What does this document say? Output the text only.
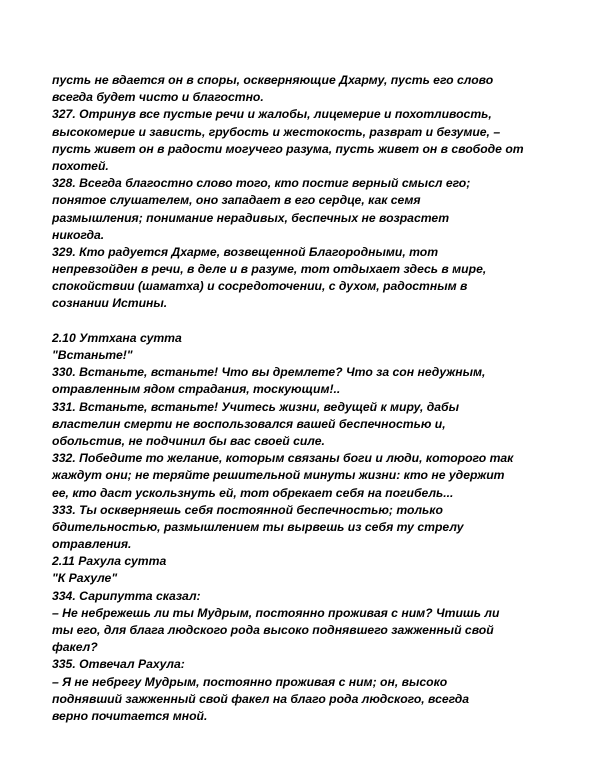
пусть не вдается он в споры, оскверняющие Дхарму, пусть его слово
всегда будет чисто и благостно.
327. Отринув все пустые речи и жалобы, лицемерие и похотливость,
высокомерие и зависть, грубость и жестокость, разврат и безумие, –
пусть живет он в радости могучего разума, пусть живет он в свободе от
похотей.
328. Всегда благостно слово того, кто постиг верный смысл его;
понятое слушателем, оно западает в его сердце, как семя
размышления; понимание нерадивых, беспечных не возрастет
никогда.
329. Кто радуется Дхарме, возвещенной Благородными, тот
непревзойден в речи, в деле и в разуме, тот отдыхает здесь в мире,
спокойствии (шаматха) и сосредоточении, с духом, радостным в
сознании Истины.
2.10 Уттхана сутта
"Встаньте!"
330. Встаньте, встаньте! Что вы дремлете? Что за сон недужным,
отравленным ядом страдания, тоскующим!..
331. Встаньте, встаньте! Учитесь жизни, ведущей к миру, дабы
властелин смерти не воспользовался вашей беспечностью и,
обольстив, не подчинил бы вас своей силе.
332. Победите то желание, которым связаны боги и люди, которого так
жаждут они; не теряйте решительной минуты жизни: кто не удержит
ее, кто даст ускользнуть ей, тот обрекает себя на погибель...
333. Ты оскверняешь себя постоянной беспечностью; только
бдительностью, размышлением ты вырвешь из себя ту стрелу
отравления.
2.11 Рахула сутта
"К Рахуле"
334. Сарипутта сказал:
– Не небрежешь ли ты Мудрым, постоянно проживая с ним? Чтишь ли
ты его, для блага людского рода высоко поднявшего зажженный свой
факел?
335. Отвечал Рахула:
– Я не небрегу Мудрым, постоянно проживая с ним; он, высоко
поднявший зажженный свой факел на благо рода людского, всегда
верно почитается мной.
